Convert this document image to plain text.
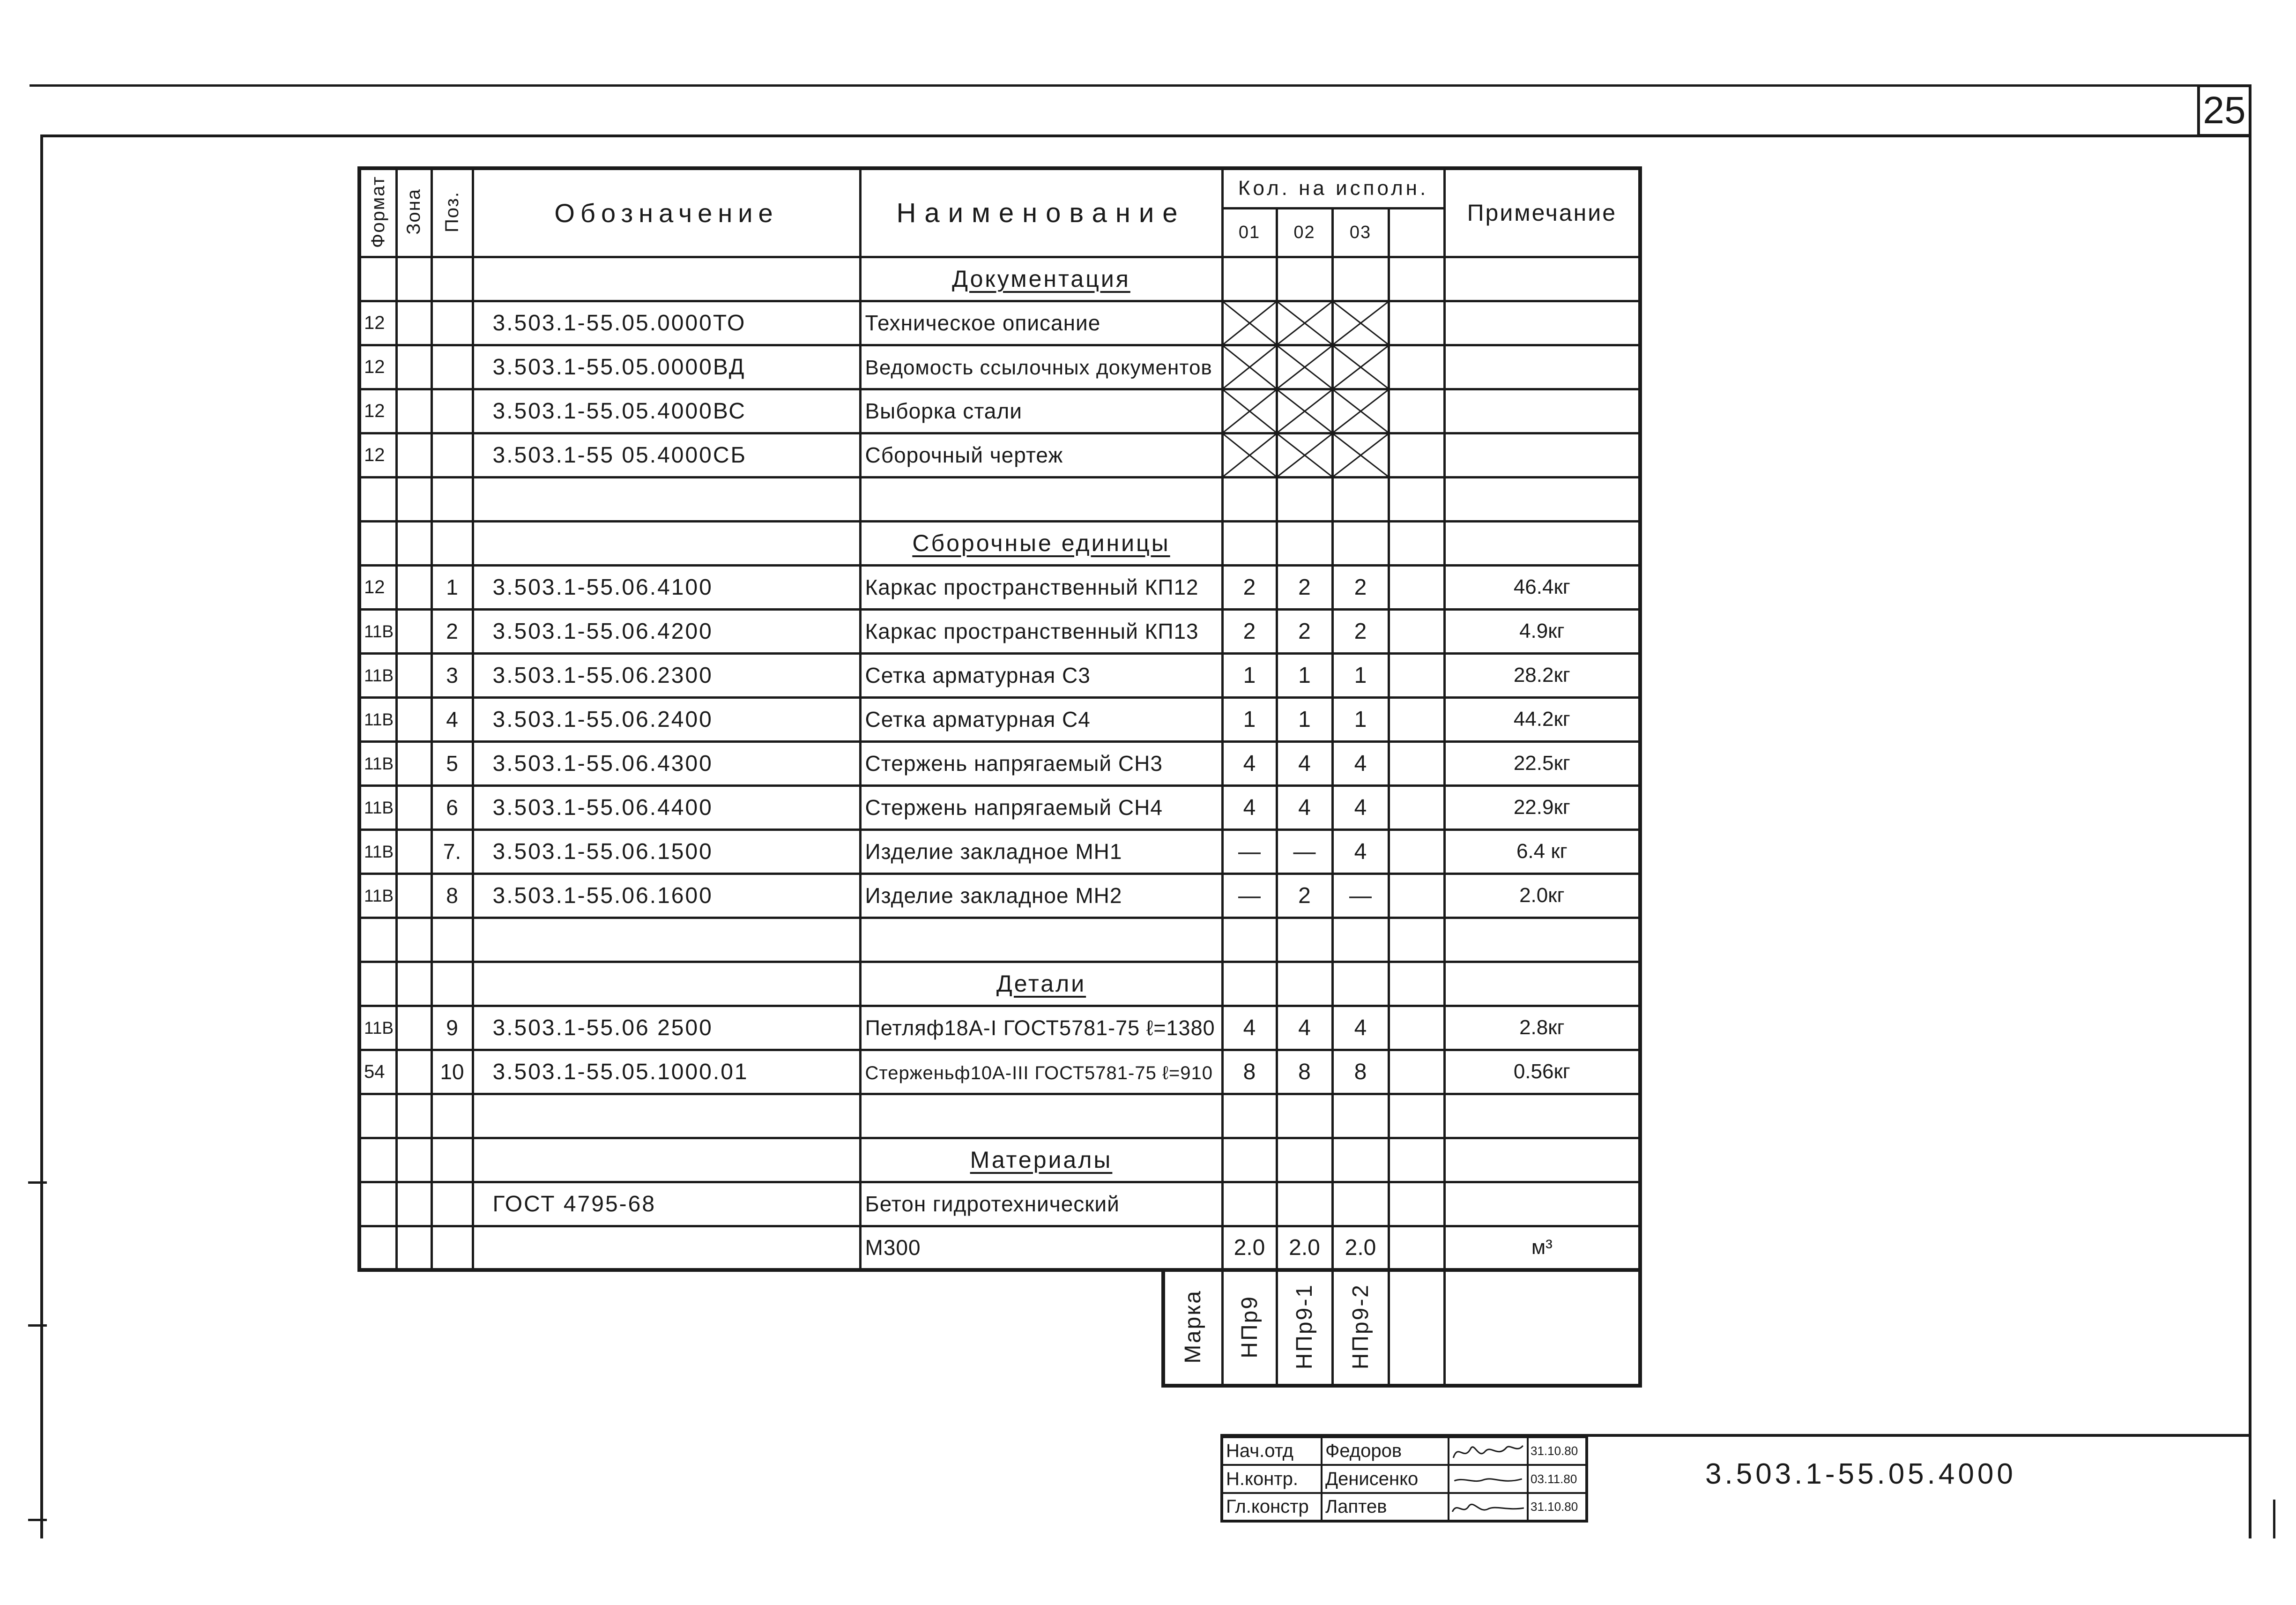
25
Формат	Зона	Поз.	Обозначение	Наименование	Кол. на исполн.				Примечание
					01	02	03		
				Документация					
12			3.503.1-55.05.0000ТО	Техническое описание	

12			3.503.1-55.05.0000ВД	Ведомость ссылочных документов	

12			3.503.1-55.05.4000ВС	Выборка стали	

12			3.503.1-55 05.4000СБ	Сборочный чертеж	

				Сборочные единицы					
12		1	3.503.1-55.06.4100	Каркас пространственный КП12	2	2	2		46.4кг
11В		2	3.503.1-55.06.4200	Каркас пространственный КП13	2	2	2		4.9кг
11В		3	3.503.1-55.06.2300	Сетка арматурная С3	1	1	1		28.2кг
11В		4	3.503.1-55.06.2400	Сетка арматурная С4	1	1	1		44.2кг
11В		5	3.503.1-55.06.4300	Стержень напрягаемый СН3	4	4	4		22.5кг
11В		6	3.503.1-55.06.4400	Стержень напрягаемый СН4	4	4	4		22.9кг
11В		7.	3.503.1-55.06.1500	Изделие закладное МН1	—	—	4		6.4 кг
11В		8	3.503.1-55.06.1600	Изделие закладное МН2	—	2	—		2.0кг

				Детали					
11В		9	3.503.1-55.06 2500	Петляф18А-I ГОСТ5781-75 ℓ=1380	4	4	4		2.8кг
54		10	3.503.1-55.05.1000.01	Стерженьф10А-III ГОСТ5781-75 ℓ=910	8	8	8		0.56кг

				Материалы					
			ГОСТ 4795-68	Бетон гидротехнический					
				М300	2.0	2.0	2.0		м³
Марка	НПр9	НПр9-1	НПр9-2		
Нач.отд	Федоров		31.10.80
Н.контр.	Денисенко		03.11.80
Гл.констр	Лаптев		31.10.80
3.503.1-55.05.4000
